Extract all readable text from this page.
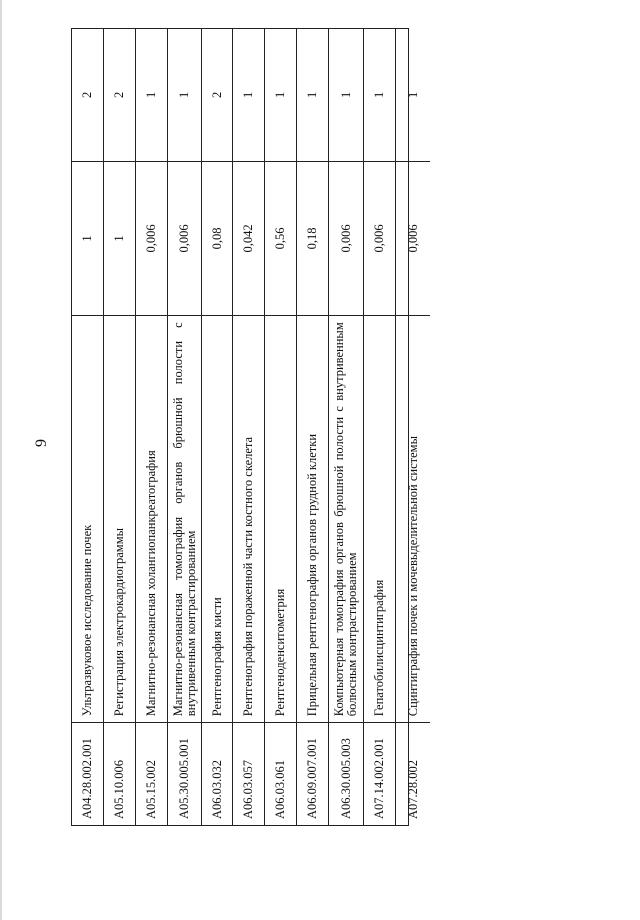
9
A04.28.002.001
Ультразвуковое исследование почек
1
2
A05.10.006
Регистрация электрокардиограммы
1
2
A05.15.002
Магнитно-резонансная холангиопанкреатография
0,006
1
A05.30.005.001
Магнитно-резонансная томография органов брюшной полости с внутривенным контрастированием
0,006
1
A06.03.032
Рентгенография кисти
0,08
2
A06.03.057
Рентгенография пораженной части костного скелета
0,042
1
A06.03.061
Рентгеноденситометрия
0,56
1
A06.09.007.001
Прицельная рентгенография органов грудной клетки
0,18
1
A06.30.005.003
Компьютерная томография органов брюшной полости с внутривенным болюсным контрастированием
0,006
1
A07.14.002.001
Гепатобилисцинтиграфия
0,006
1
A07.28.002
Сцинтиграфия почек и мочевыделительной системы
0,006
1
